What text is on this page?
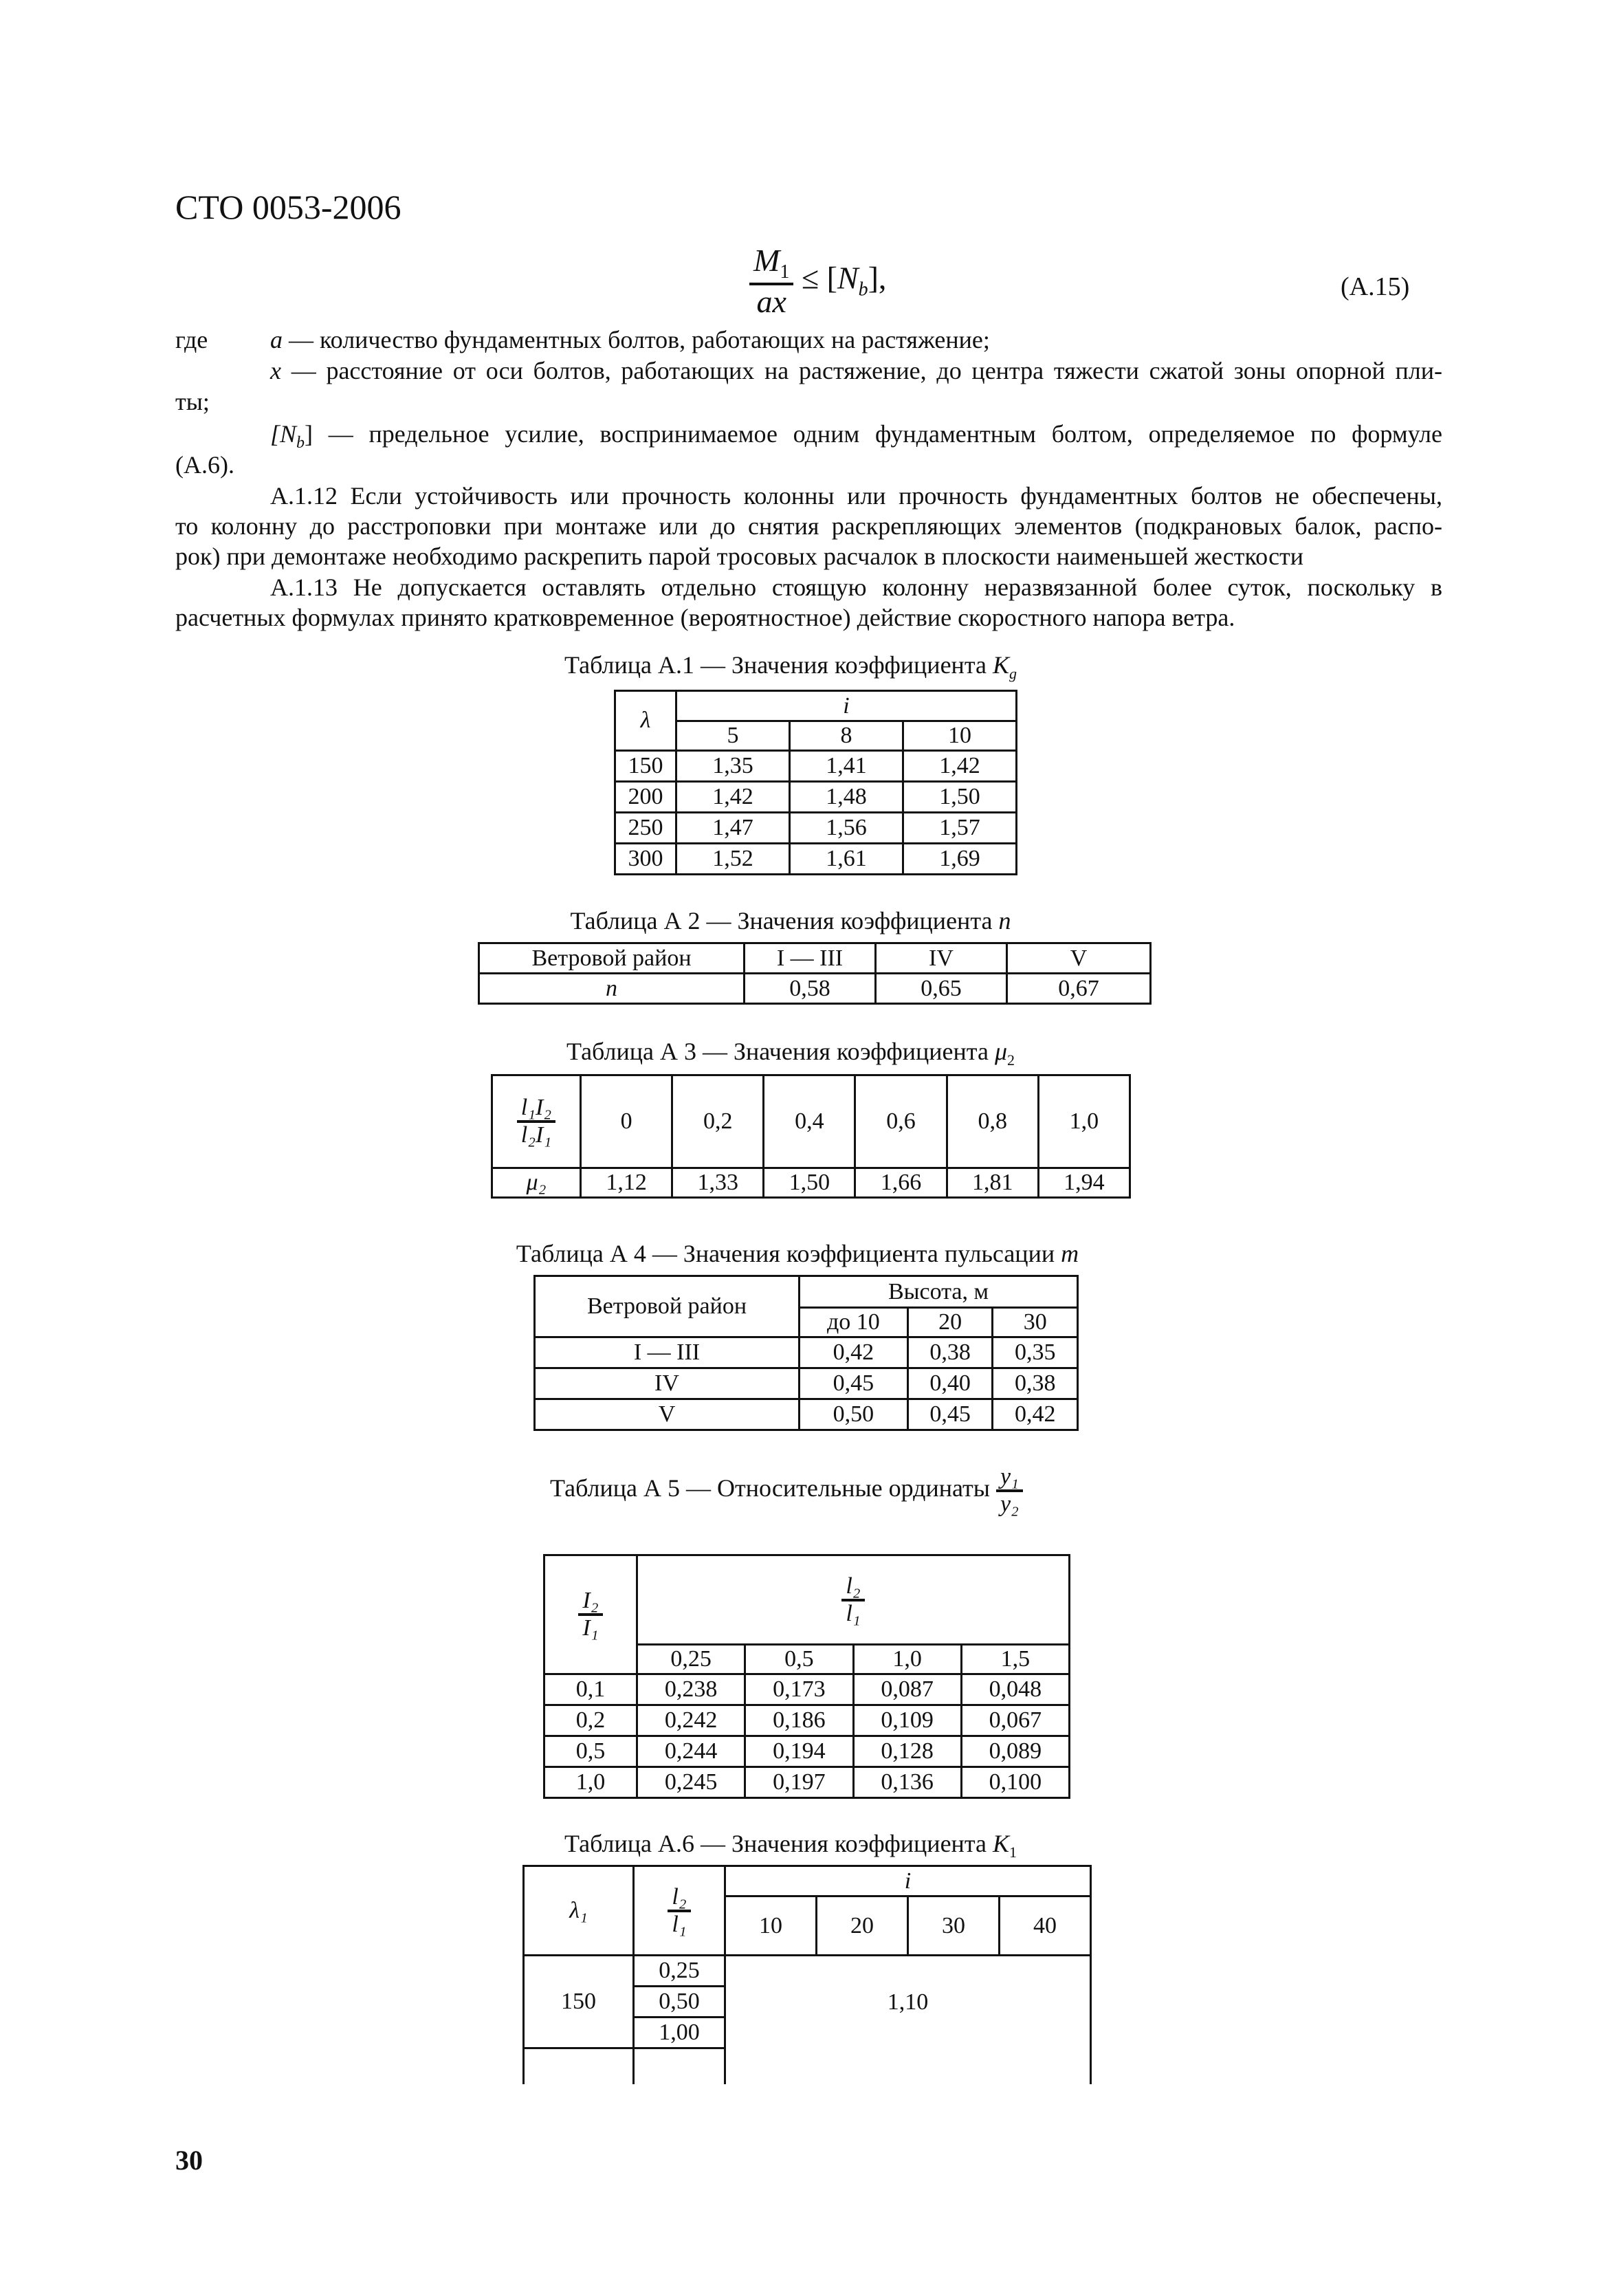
СТО 0053-2006
$\frac{M_1}{ax} \le [N_b]$,	(А.15)
где	a — количество фундаментных болтов, работающих на растяжение;
x — расстояние от оси болтов, работающих на растяжение, до центра тяжести сжатой зоны опорной пли-
ты;
$[N_b]$ — предельное усилие, воспринимаемое одним фундаментным болтом, определяемое по формуле
(А.6).
А.1.12 Если устойчивость или прочность колонны или прочность фундаментных болтов не обеспечены,
то колонну до расстроповки при монтаже или до снятия раскрепляющих элементов (подкрановых балок, распо-
рок) при демонтаже необходимо раскрепить парой тросовых расчалок в плоскости наименьшей жесткости
А.1.13 Не допускается оставлять отдельно стоящую колонну неразвязанной более суток, поскольку в
расчетных формулах принято кратковременное (вероятностное) действие скоростного напора ветра.
Таблица А.1 — Значения коэффициента $K_g$
λ	i		
	5	8	10
150	1,35	1,41	1,42
200	1,42	1,48	1,50
250	1,47	1,56	1,57
300	1,52	1,61	1,69
Таблица А 2 — Значения коэффициента n
Ветровой район	I — III	IV	V
n	0,58	0,65	0,67
Таблица А 3 — Значения коэффициента $\mu_2$
$\frac{\text{l₁I₂}}{\text{l₂I₁}}$	0	0,2	0,4	0,6	0,8	1,0
μ₂	1,12	1,33	1,50	1,66	1,81	1,94
Таблица А 4 — Значения коэффициента пульсации m
Ветровой район	Высота, м		
	до 10	20	30
I — III	0,42	0,38	0,35
IV	0,45	0,40	0,38
V	0,50	0,45	0,42
Таблица А 5 — Относительные ординаты $\frac{\text{y₁}}{\text{y₂}}$
$\frac{\text{I₂}}{\text{I₁}}$	$\frac{\text{l₂}}{\text{l₁}}$

	0,25	0,5	1,0	1,5
0,1	0,238	0,173	0,087	0,048
0,2	0,242	0,186	0,109	0,067
0,5	0,244	0,194	0,128	0,089
1,0	0,245	0,197	0,136	0,100
Таблица А.6 — Значения коэффициента $K_1$
λ₁	$\frac{\text{l₂}}{\text{l₁}}$	i			
		10	20	30	40
150	0,25	1,10			
	0,50				
	1,00				

30
